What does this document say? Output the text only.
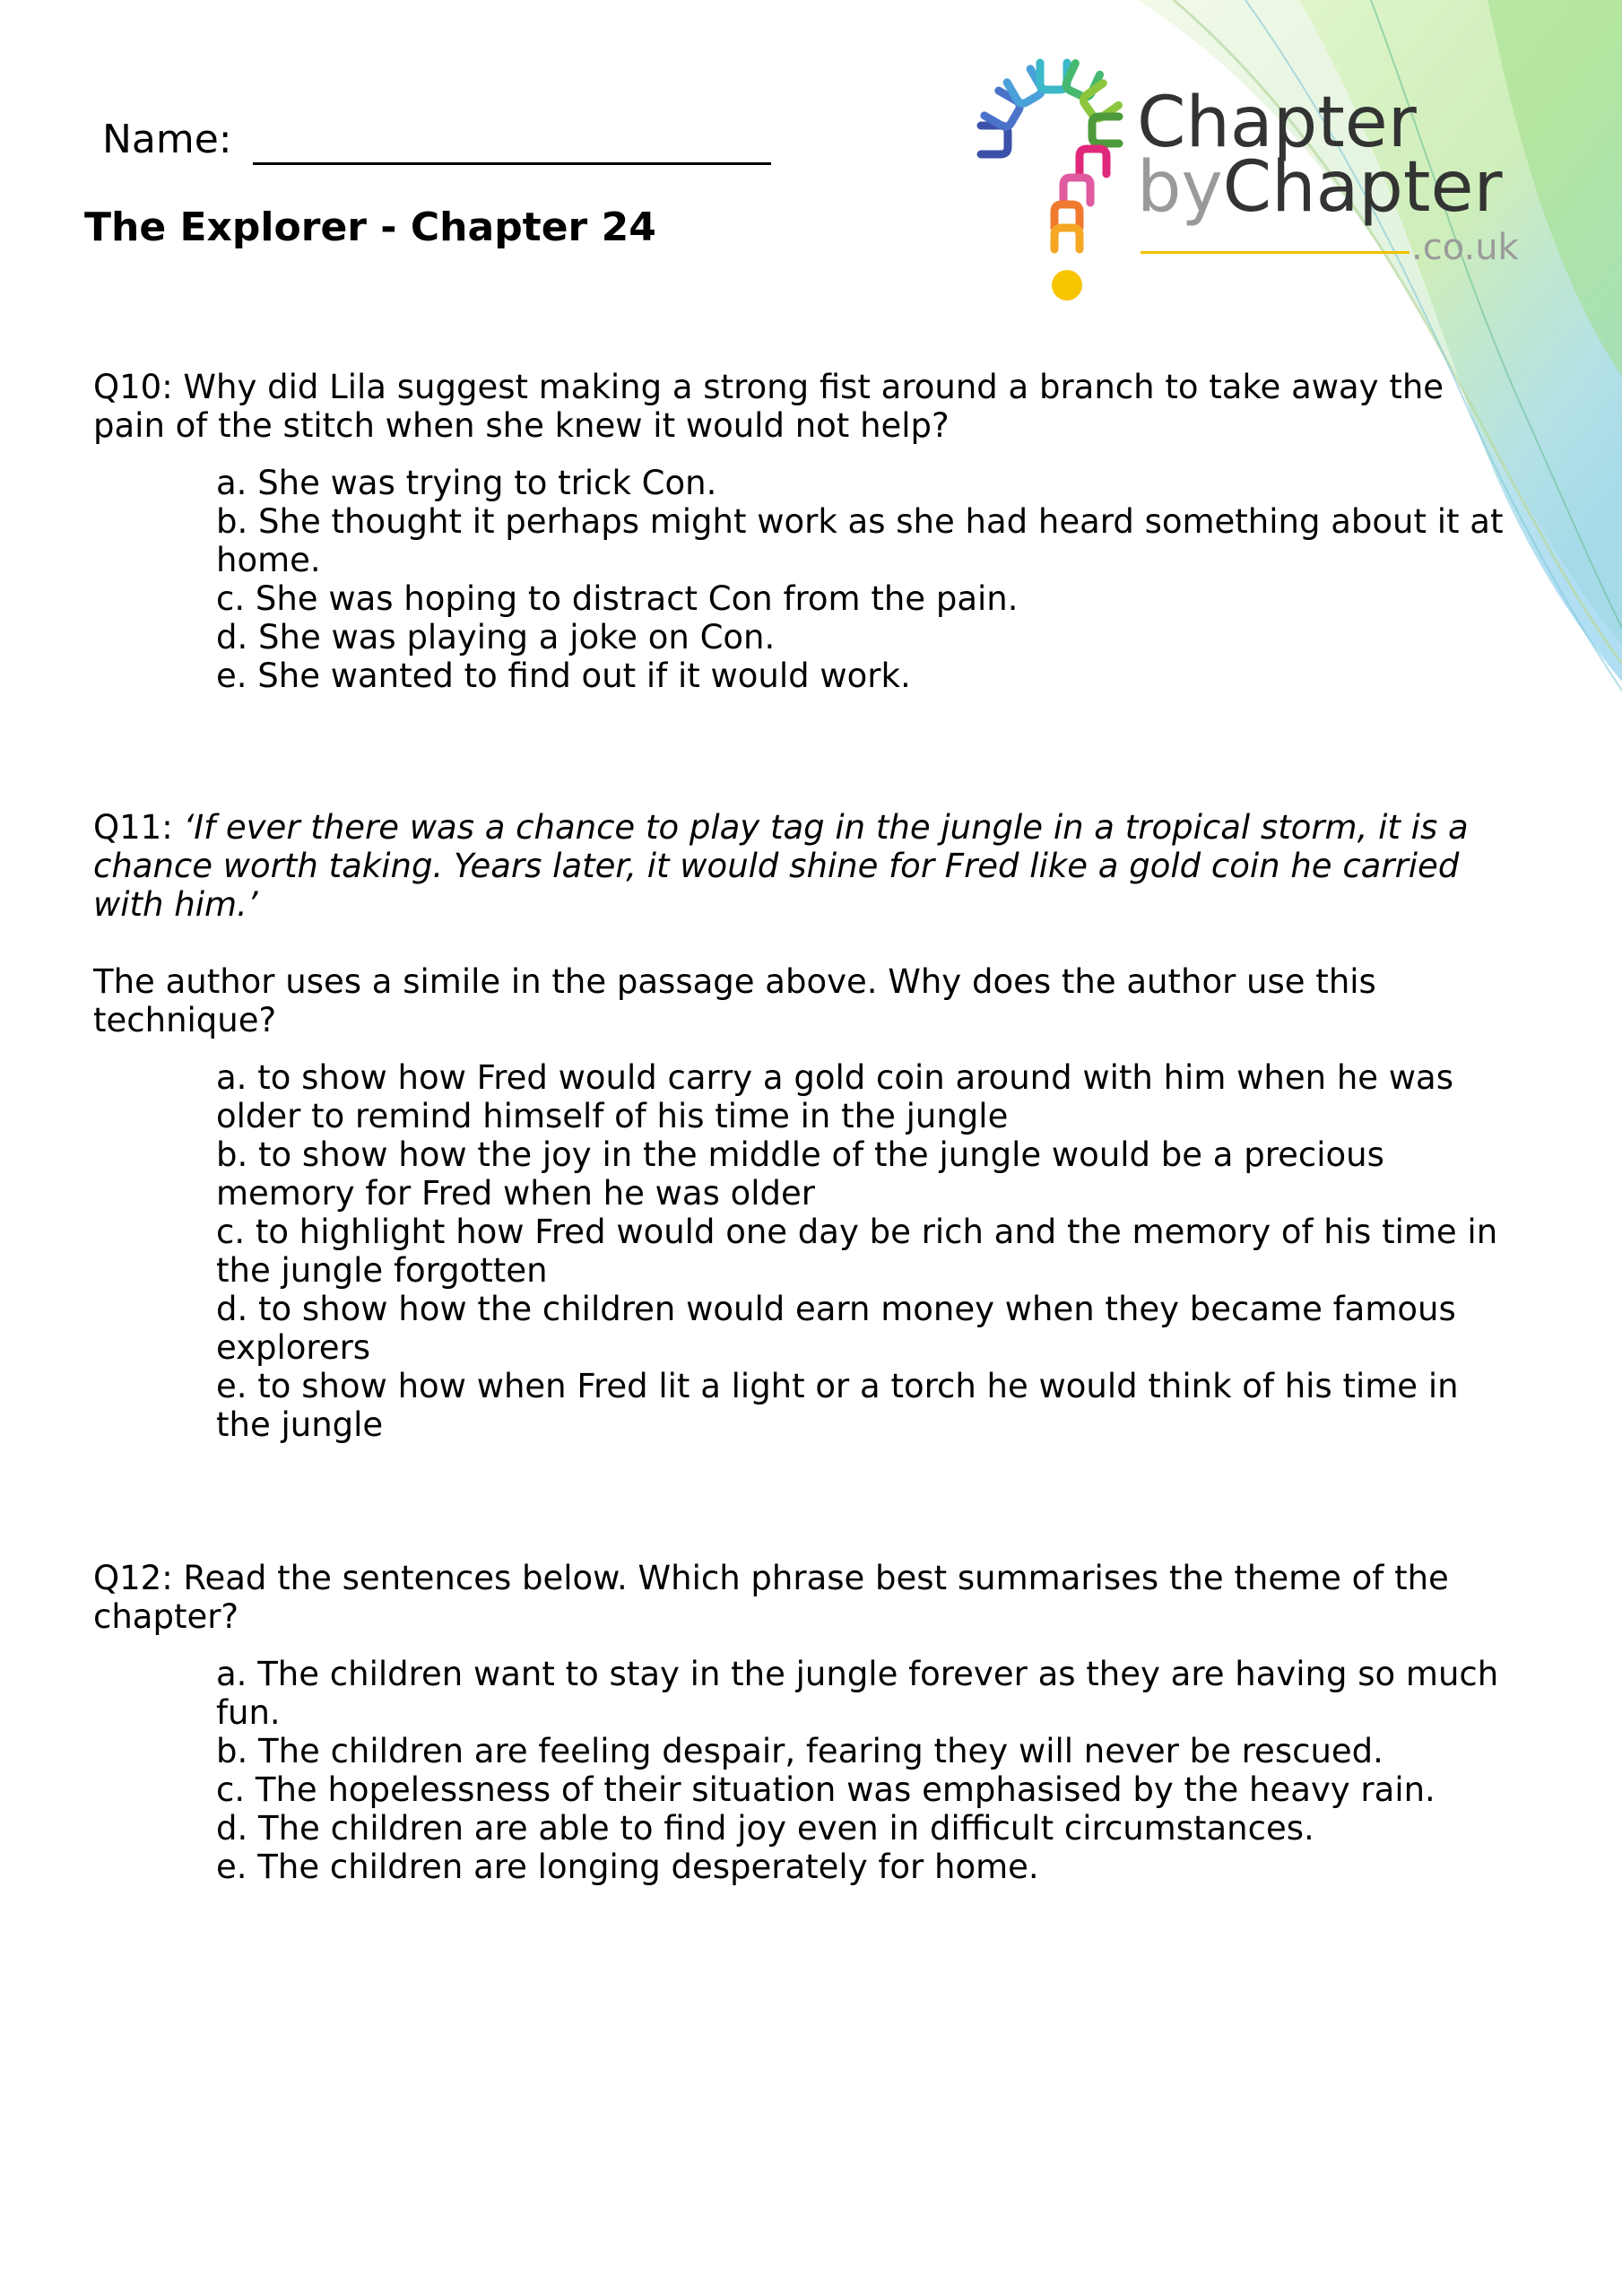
Name:
The Explorer - Chapter 24
Chapter
byChapter
.co.uk

Q10: Why did Lila suggest making a strong fist around a branch to take away the pain of the stitch when she knew it would not help?

a. She was trying to trick Con.

b. She thought it perhaps might work as she had heard something about it at home.

c. She was hoping to distract Con from the pain.

d. She was playing a joke on Con.

e. She wanted to find out if it would work.

Q11: ‘If ever there was a chance to play tag in the jungle in a tropical storm, it is a chance worth taking. Years later, it would shine for Fred like a gold coin he carried with him.’

The author uses a simile in the passage above. Why does the author use this technique?

a. to show how Fred would carry a gold coin around with him when he was older to remind himself of his time in the jungle

b. to show how the joy in the middle of the jungle would be a precious memory for Fred when he was older

c. to highlight how Fred would one day be rich and the memory of his time in the jungle forgotten

d. to show how the children would earn money when they became famous explorers

e. to show how when Fred lit a light or a torch he would think of his time in the jungle

Q12: Read the sentences below. Which phrase best summarises the theme of the chapter?

a. The children want to stay in the jungle forever as they are having so much fun.

b. The children are feeling despair, fearing they will never be rescued.

c. The hopelessness of their situation was emphasised by the heavy rain.

d. The children are able to find joy even in difficult circumstances.

e. The children are longing desperately for home.
